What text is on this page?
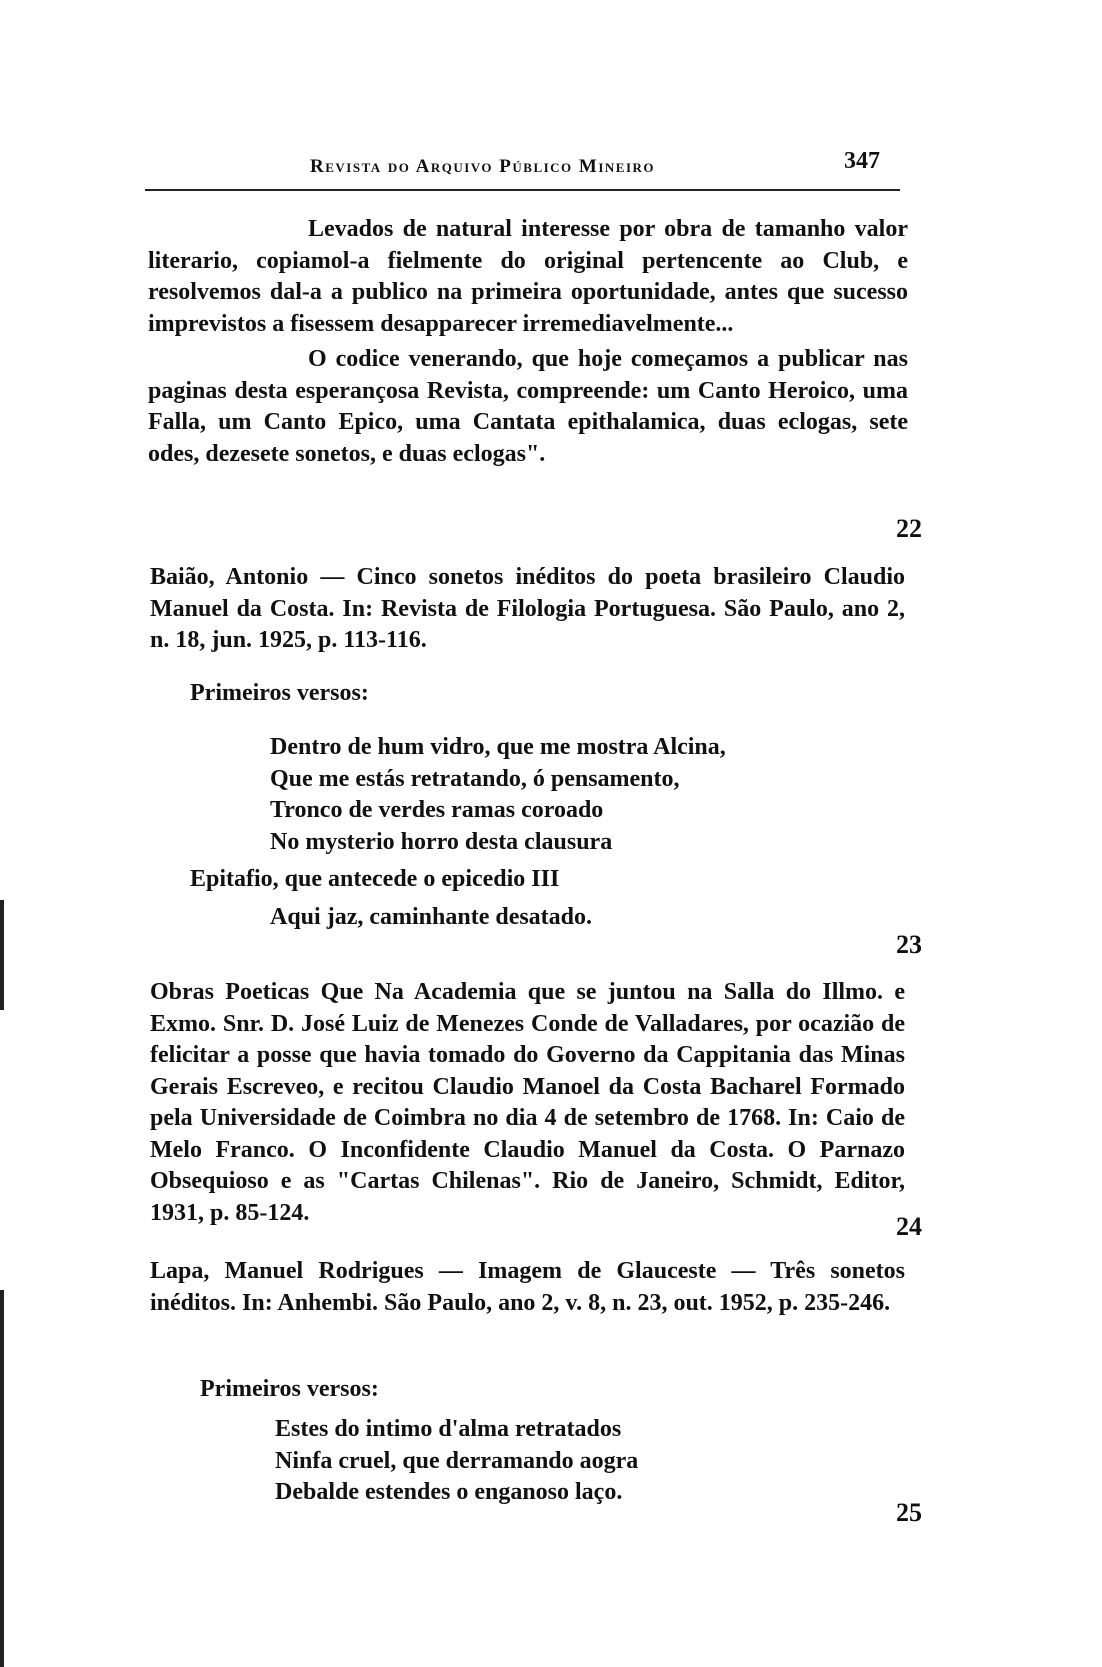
Revista do Arquivo Público Mineiro	347

Levados de natural interesse por obra de tamanho valor literario, copiamol-a fielmente do original pertencente ao Club, e resolvemos dal-a a publico na primeira oportunidade, antes que sucesso imprevistos a fisessem desapparecer irremediavelmente...

O codice venerando, que hoje começamos a publicar nas paginas desta esperançosa Revista, compreende: um Canto Heroico, uma Falla, um Canto Epico, uma Cantata epithalamica, duas eclogas, sete odes, dezesete sonetos, e duas eclogas".

22

Baião, Antonio — Cinco sonetos inéditos do poeta brasileiro Claudio Manuel da Costa. In: Revista de Filologia Portuguesa. São Paulo, ano 2, n. 18, jun. 1925, p. 113-116.

Primeiros versos:
Dentro de hum vidro, que me mostra Alcina,
Que me estás retratando, ó pensamento,
Tronco de verdes ramas coroado
No mysterio horro desta clausura
Epitafio, que antecede o epicedio III
Aqui jaz, caminhante desatado.
23

Obras Poeticas Que Na Academia que se juntou na Salla do Illmo. e Exmo. Snr. D. José Luiz de Menezes Conde de Valladares, por ocazião de felicitar a posse que havia tomado do Governo da Cappitania das Minas Gerais Escreveo, e recitou Claudio Manoel da Costa Bacharel Formado pela Universidade de Coimbra no dia 4 de setembro de 1768. In: Caio de Melo Franco. O Inconfidente Claudio Manuel da Costa. O Parnazo Obsequioso e as "Cartas Chilenas". Rio de Janeiro, Schmidt, Editor, 1931, p. 85-124.	24

Lapa, Manuel Rodrigues — Imagem de Glauceste — Três sonetos inéditos. In: Anhembi. São Paulo, ano 2, v. 8, n. 23, out. 1952, p. 235-246.

Primeiros versos:
Estes do intimo d'alma retratados
Ninfa cruel, que derramando aogra
Debalde estendes o enganoso laço.
25
